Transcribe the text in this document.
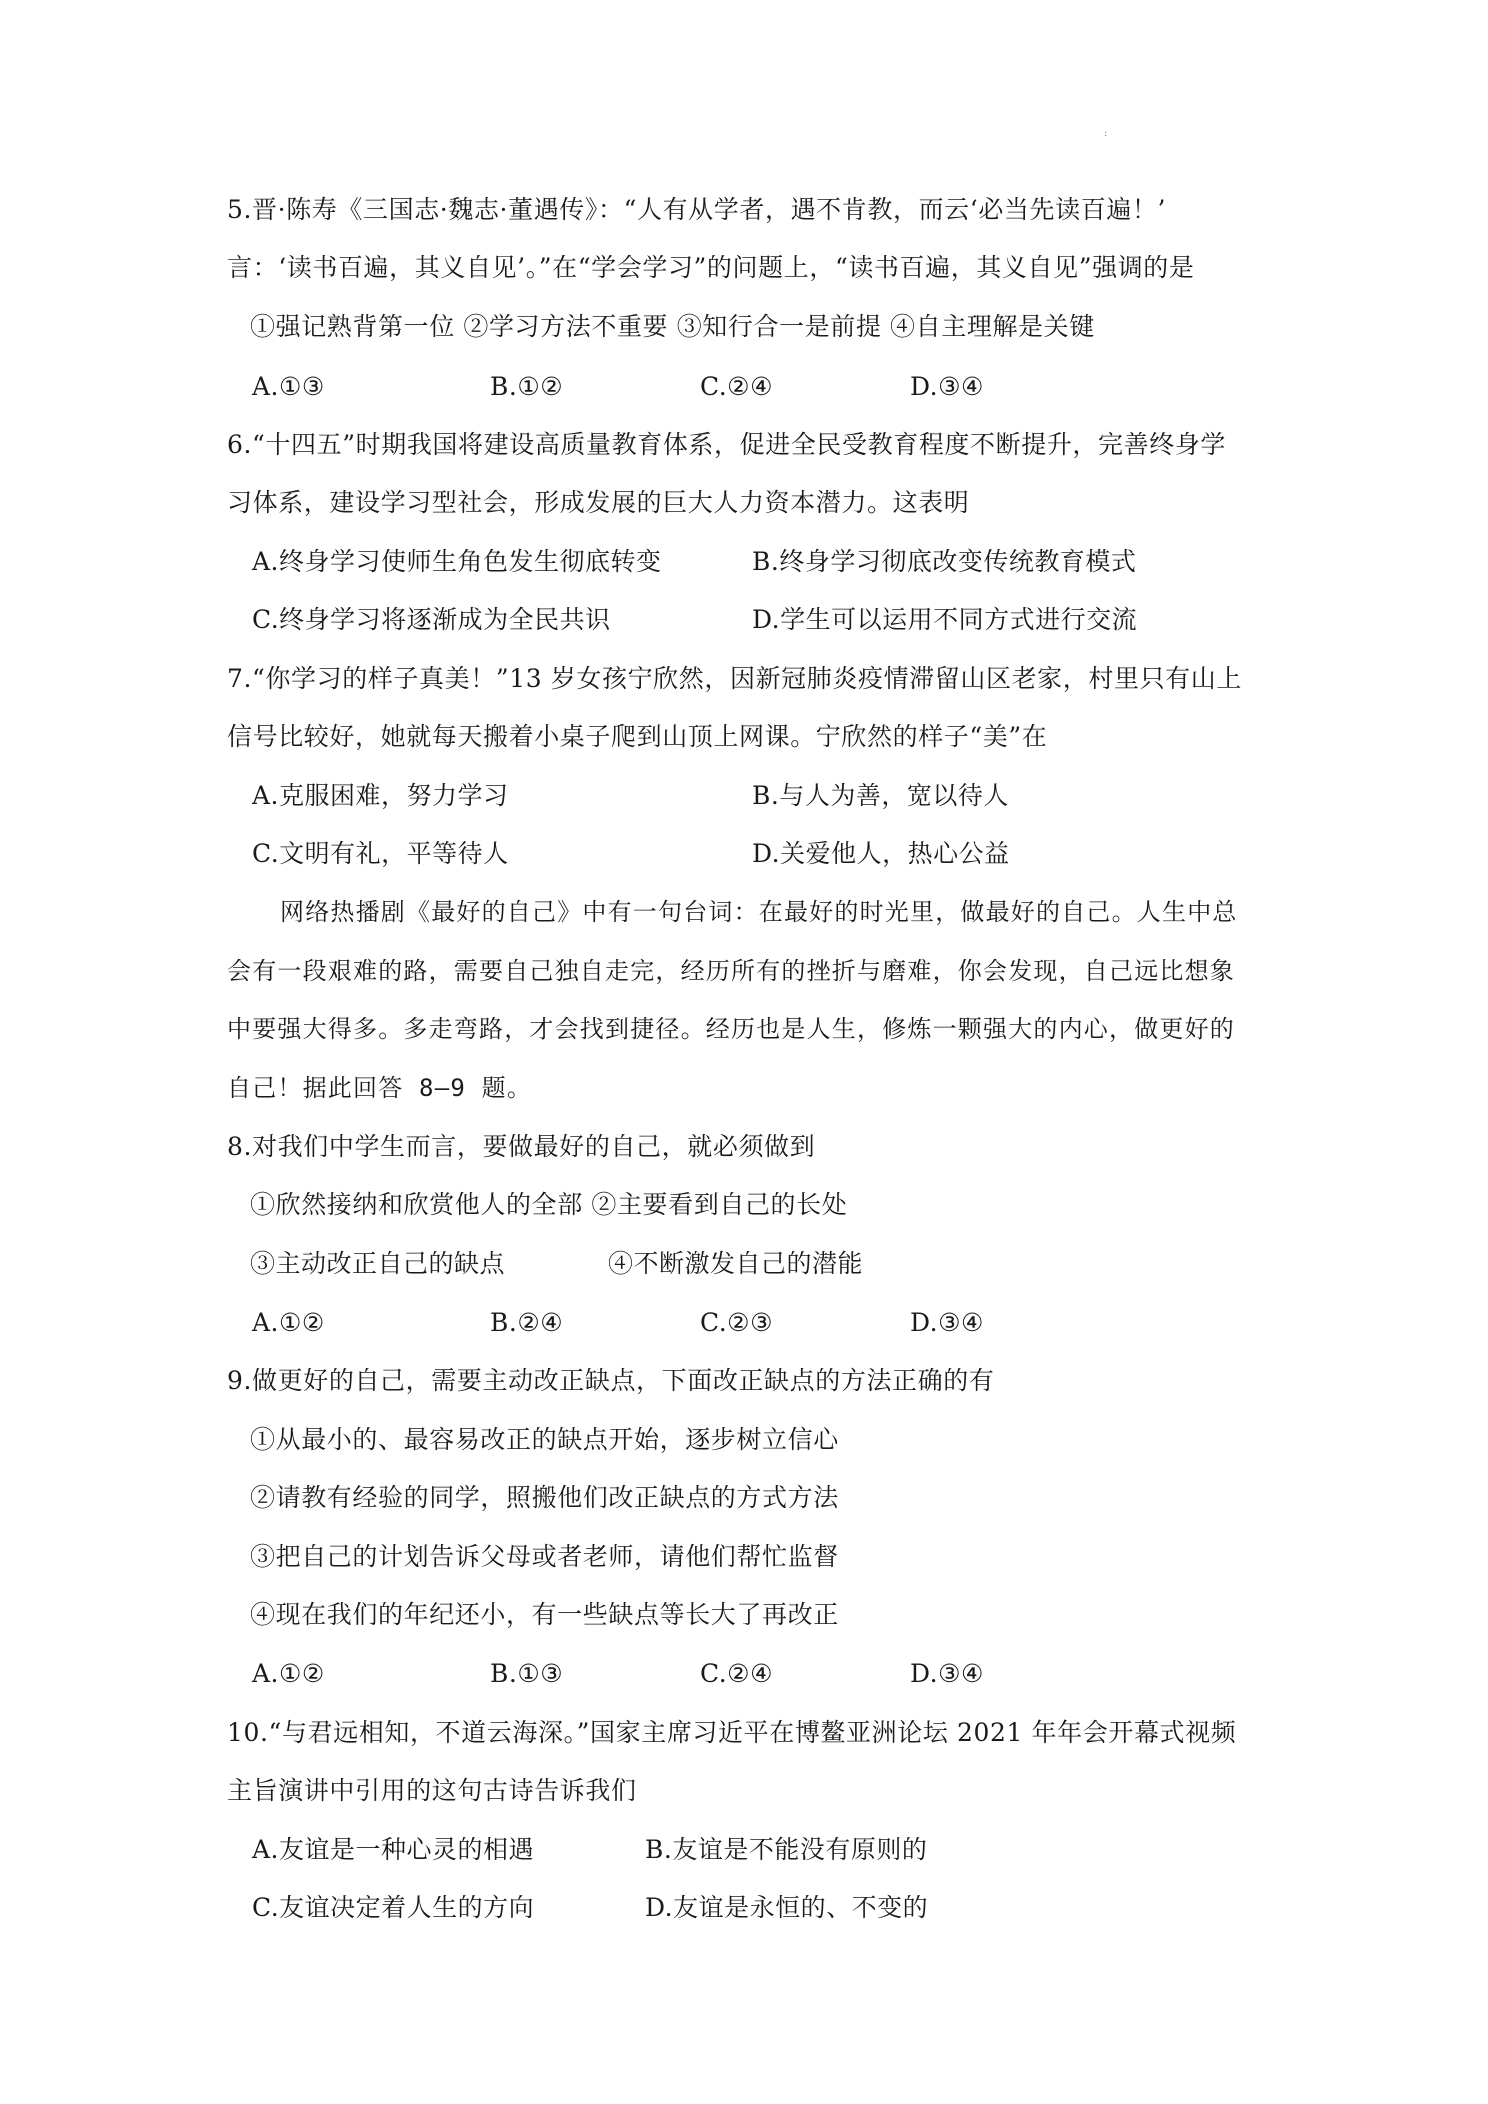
:
5.晋·陈寿《三国志·魏志·董遇传》：“人有从学者，遇不肯教，而云‘必当先读百遍！’
言：‘读书百遍，其义自见’。”在“学会学习”的问题上，“读书百遍，其义自见”强调的是
①强记熟背第一位 ②学习方法不重要 ③知行合一是前提 ④自主理解是关键
A.①③	B.①②	C.②④	D.③④
6.“十四五”时期我国将建设高质量教育体系，促进全民受教育程度不断提升，完善终身学
习体系，建设学习型社会，形成发展的巨大人力资本潜力。这表明
A.终身学习使师生角色发生彻底转变	B.终身学习彻底改变传统教育模式
C.终身学习将逐渐成为全民共识	D.学生可以运用不同方式进行交流
7.“你学习的样子真美！”13 岁女孩宁欣然，因新冠肺炎疫情滞留山区老家，村里只有山上
信号比较好，她就每天搬着小桌子爬到山顶上网课。宁欣然的样子“美”在
A.克服困难，努力学习	B.与人为善，宽以待人
C.文明有礼，平等待人	D.关爱他人，热心公益
网络热播剧《最好的自己》中有一句台词：在最好的时光里，做最好的自己。人生中总
会有一段艰难的路，需要自己独自走完，经历所有的挫折与磨难，你会发现，自己远比想象
中要强大得多。多走弯路，才会找到捷径。经历也是人生，修炼一颗强大的内心，做更好的
自己！据此回答 8–9 题。
8.对我们中学生而言，要做最好的自己，就必须做到
①欣然接纳和欣赏他人的全部 ②主要看到自己的长处
③主动改正自己的缺点	④不断激发自己的潜能
A.①②	B.②④	C.②③	D.③④
9.做更好的自己，需要主动改正缺点，下面改正缺点的方法正确的有
①从最小的、最容易改正的缺点开始，逐步树立信心
②请教有经验的同学，照搬他们改正缺点的方式方法
③把自己的计划告诉父母或者老师，请他们帮忙监督
④现在我们的年纪还小，有一些缺点等长大了再改正
A.①②	B.①③	C.②④	D.③④
10.“与君远相知，不道云海深。”国家主席习近平在博鳌亚洲论坛 2021 年年会开幕式视频
主旨演讲中引用的这句古诗告诉我们
A.友谊是一种心灵的相遇	B.友谊是不能没有原则的
C.友谊决定着人生的方向	D.友谊是永恒的、不变的
